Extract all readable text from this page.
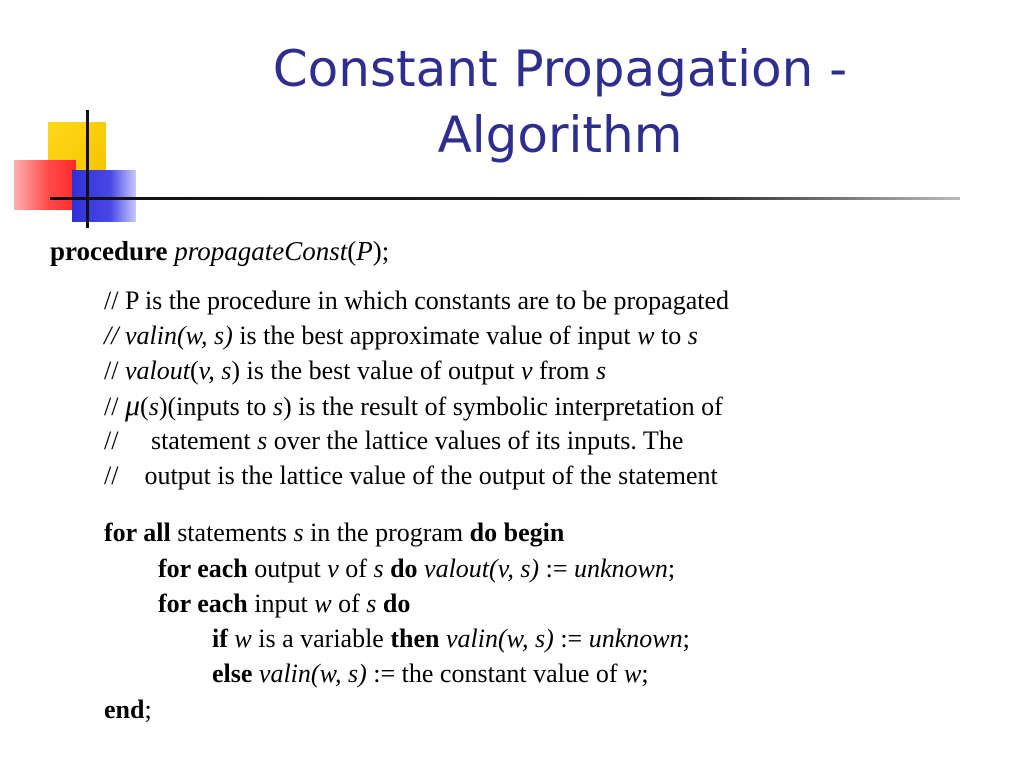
Constant Propagation -
Algorithm
procedure propagateConst(P);
// P is the procedure in which constants are to be propagated
// valin(w, s) is the best approximate value of input w to s
// valout(v, s) is the best value of output v from s
// μ(s)(inputs to s) is the result of symbolic interpretation of
//     statement s over the lattice values of its inputs. The
//    output is the lattice value of the output of the statement
for all statements s in the program do begin
for each output v of s do valout(v, s) := unknown;
for each input w of s do
if w is a variable then valin(w, s) := unknown;
else valin(w, s) := the constant value of w;
end;
